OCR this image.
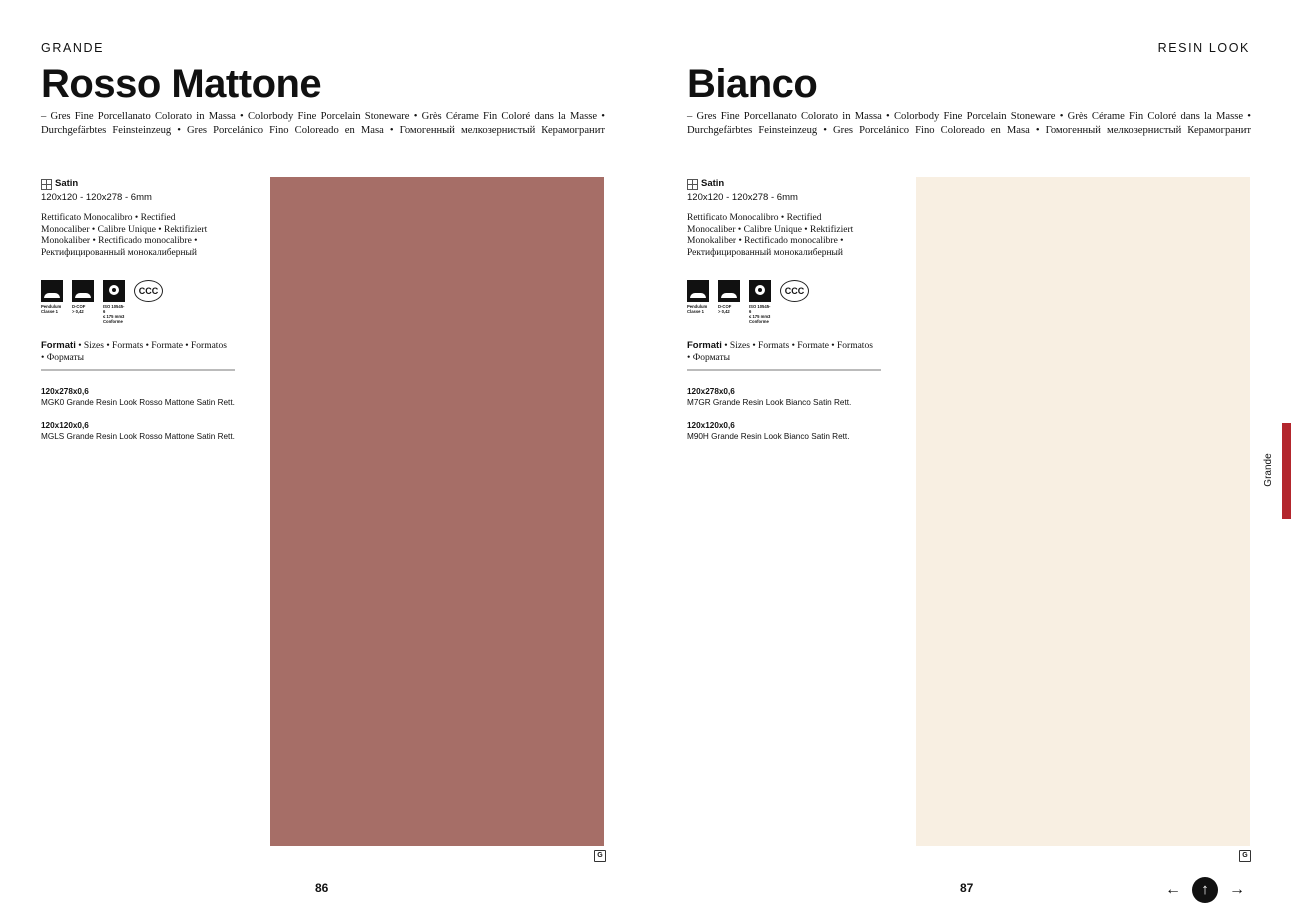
GRANDE
Rosso Mattone
– Gres Fine Porcellanato Colorato in Massa • Colorbody Fine Porcelain Stoneware • Grès Cérame Fin Coloré dans la Masse • Durchgefärbtes Feinsteinzeug • Gres Porcelánico Fino Coloreado en Masa • Гомогенный мелкозернистый Керамогранит
Satin
120x120 - 120x278 - 6mm
Rettificato Monocalibro • Rectified Monocaliber • Calibre Unique • Rektifiziert Monokaliber • Rectificado monocalibre • Ректифицированный монокалиберный
Pendulum
Classe 1
D-COF
> 0,42
ISO 10545-6
≤ 175 mm3
Conforme
CCC
Formati • Sizes • Formats • Formate • Formatos • Форматы
120x278x0,6
MGK0 Grande Resin Look Rosso Mattone Satin Rett.
120x120x0,6
MGLS Grande Resin Look Rosso Mattone Satin Rett.
G
86
RESIN LOOK
Bianco
– Gres Fine Porcellanato Colorato in Massa • Colorbody Fine Porcelain Stoneware • Grès Cérame Fin Coloré dans la Masse • Durchgefärbtes Feinsteinzeug • Gres Porcelánico Fino Coloreado en Masa • Гомогенный мелкозернистый Керамогранит
Satin
120x120 - 120x278 - 6mm
Rettificato Monocalibro • Rectified Monocaliber • Calibre Unique • Rektifiziert Monokaliber • Rectificado monocalibre • Ректифицированный монокалиберный
Pendulum
Classe 1
D-COF
> 0,42
ISO 10545-6
≤ 175 mm3
Conforme
CCC
Formati • Sizes • Formats • Formate • Formatos • Форматы
120x278x0,6
M7GR Grande Resin Look Bianco Satin Rett.
120x120x0,6
M90H Grande Resin Look Bianco Satin Rett.
G
87
Grande
←	↑	→
